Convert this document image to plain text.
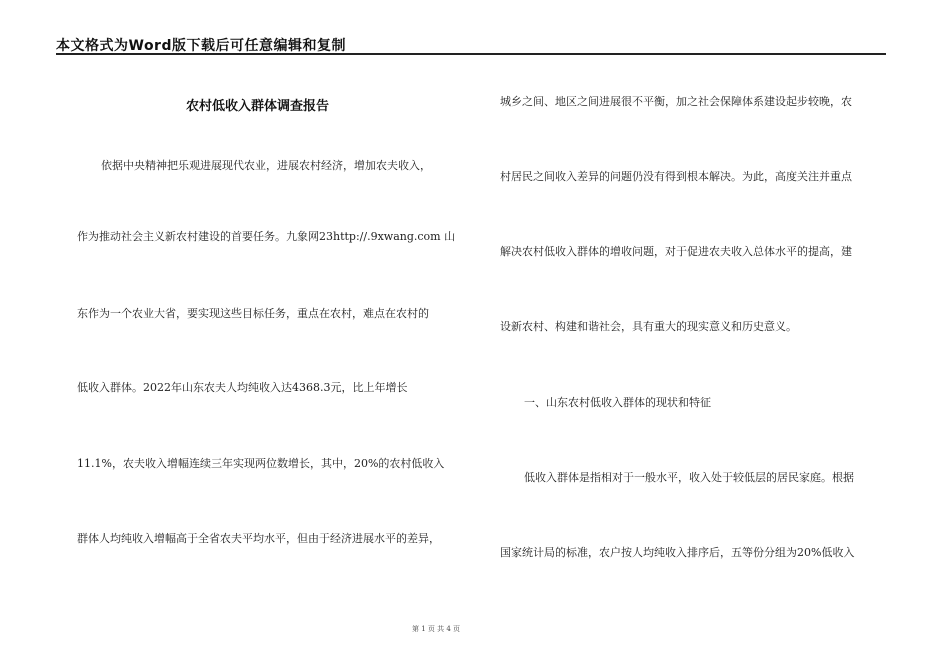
本文格式为Word版下载后可任意编辑和复制
农村低收入群体调查报告
依据中央精神把乐观进展现代农业，进展农村经济，增加农夫收入，
作为推动社会主义新农村建设的首要任务。九象网23http://.9xwang.com 山
东作为一个农业大省，要实现这些目标任务，重点在农村，难点在农村的
低收入群体。2022年山东农夫人均纯收入达4368.3元，比上年增长
11.1%，农夫收入增幅连续三年实现两位数增长，其中，20%的农村低收入
群体人均纯收入增幅高于全省农夫平均水平，但由于经济进展水平的差异，
城乡之间、地区之间进展很不平衡，加之社会保障体系建设起步较晚，农
村居民之间收入差异的问题仍没有得到根本解决。为此，高度关注并重点
解决农村低收入群体的增收问题，对于促进农夫收入总体水平的提高，建
设新农村、构建和谐社会，具有重大的现实意义和历史意义。
一、山东农村低收入群体的现状和特征
低收入群体是指相对于一般水平，收入处于较低层的居民家庭。根据
国家统计局的标准，农户按人均纯收入排序后，五等份分组为20%低收入
第 1 页 共 4 页
